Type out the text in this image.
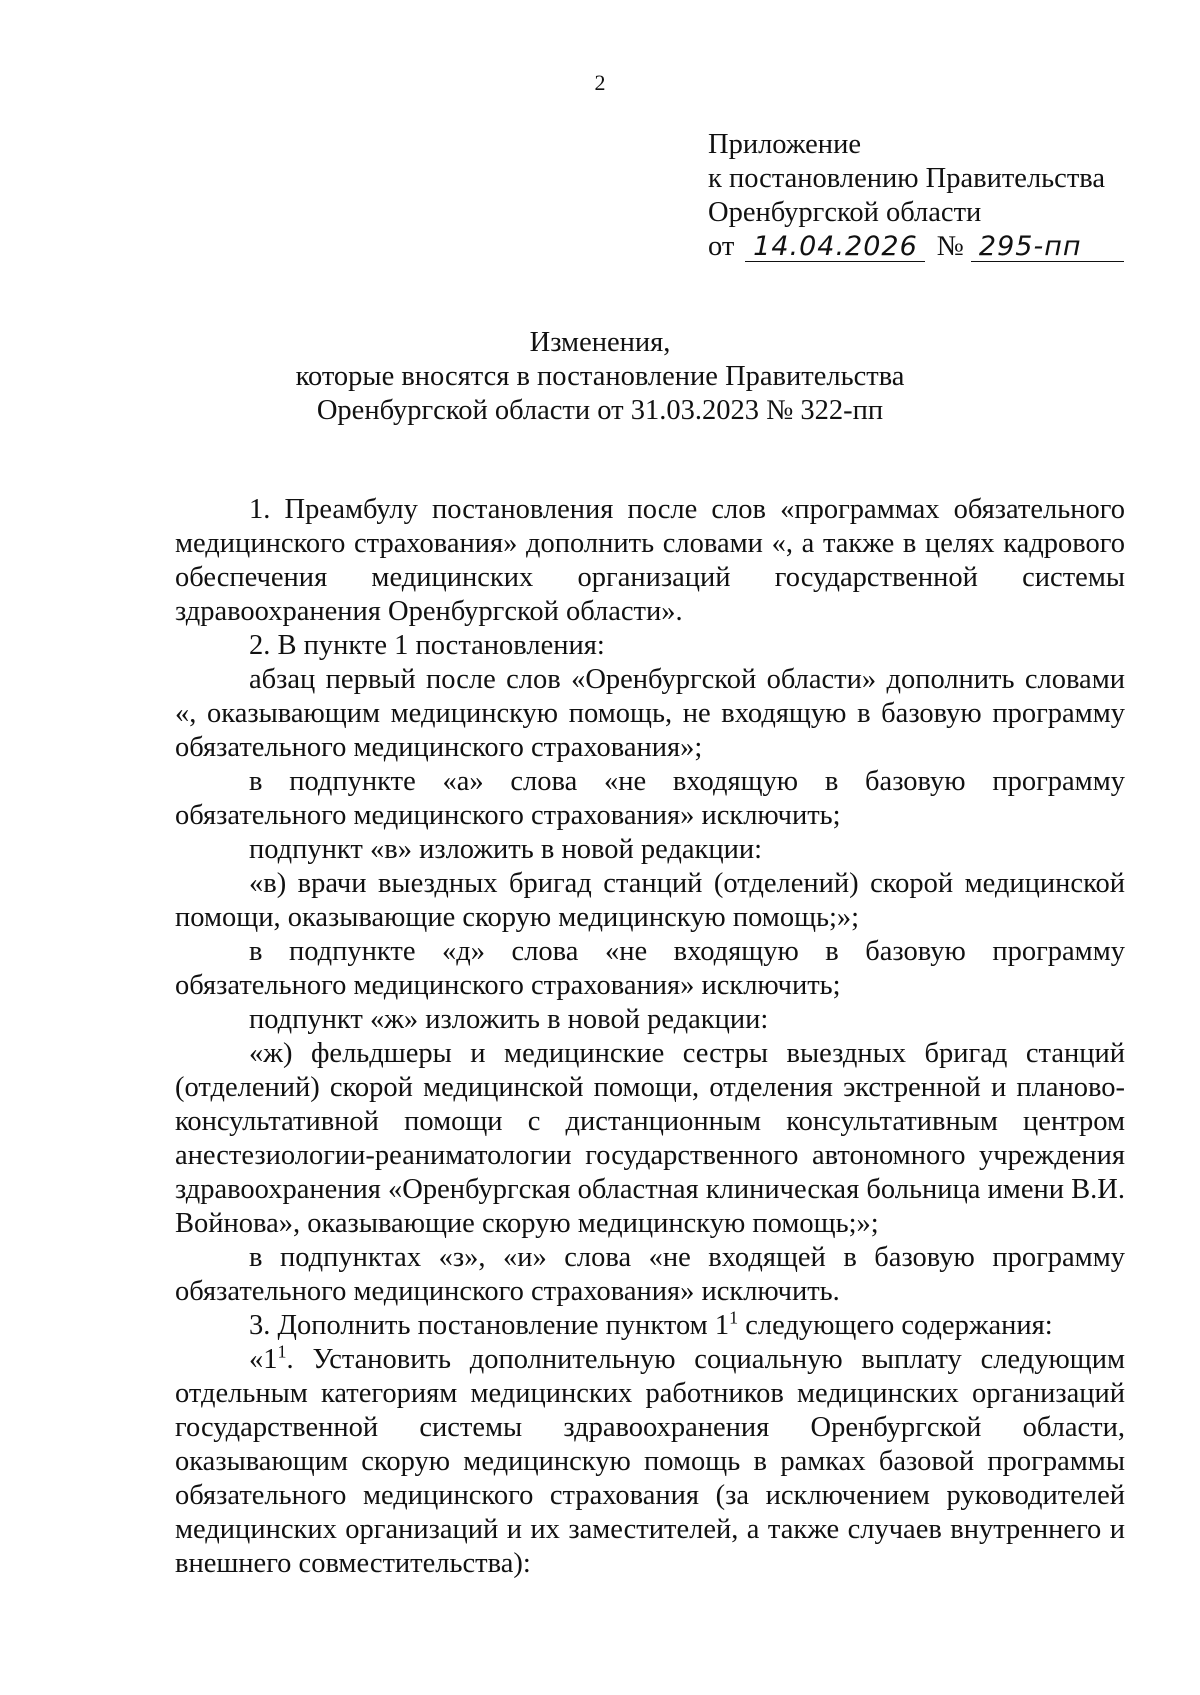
2
Приложение
к постановлению Правительства
Оренбургской области
от 14.04.2026 № 295-пп
Изменения,
которые вносятся в постановление Правительства
Оренбургской области от 31.03.2023 № 322-пп

1. Преамбулу постановления после слов «программах обязательного медицинского страхования» дополнить словами «, а также в целях кадрового обеспечения медицинских организаций государственной системы здравоохранения Оренбургской области».

2. В пункте 1 постановления:

абзац первый после слов «Оренбургской области» дополнить словами «, оказывающим медицинскую помощь, не входящую в базовую программу обязательного медицинского страхования»;

в подпункте «а» слова «не входящую в базовую программу обязательного медицинского страхования» исключить;

подпункт «в» изложить в новой редакции:

«в) врачи выездных бригад станций (отделений) скорой медицинской помощи, оказывающие скорую медицинскую помощь;»;

в подпункте «д» слова «не входящую в базовую программу обязательного медицинского страхования» исключить;

подпункт «ж» изложить в новой редакции:

«ж) фельдшеры и медицинские сестры выездных бригад станций (отделений) скорой медицинской помощи, отделения экстренной и планово-консультативной помощи с дистанционным консультативным центром анестезиологии-реаниматологии государственного автономного учреждения здравоохранения «Оренбургская областная клиническая больница имени В.И. Войнова», оказывающие скорую медицинскую помощь;»;

в подпунктах «з», «и» слова «не входящей в базовую программу обязательного медицинского страхования» исключить.

3. Дополнить постановление пунктом $1^1$ следующего содержания:

«$1^1$. Установить дополнительную социальную выплату следующим отдельным категориям медицинских работников медицинских организаций государственной системы здравоохранения Оренбургской области, оказывающим скорую медицинскую помощь в рамках базовой программы обязательного медицинского страхования (за исключением руководителей медицинских организаций и их заместителей, а также случаев внутреннего и внешнего совместительства):
